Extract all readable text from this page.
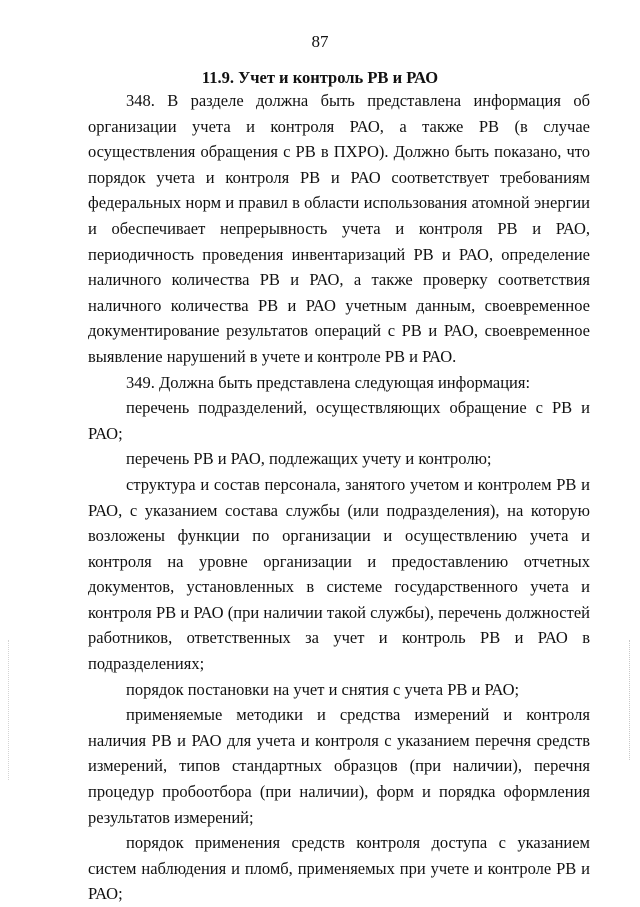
87
11.9. Учет и контроль РВ и РАО

348. В разделе должна быть представлена информация об организации учета и контроля РАО, а также РВ (в случае осуществления обращения с РВ в ПХРО). Должно быть показано, что порядок учета и контроля РВ и РАО соответствует требованиям федеральных норм и правил в области использования атомной энергии и обеспечивает непрерывность учета и контроля РВ и РАО, периодичность проведения инвентаризаций РВ и РАО, определение наличного количества РВ и РАО, а также проверку соответствия наличного количества РВ и РАО учетным данным, своевременное документирование результатов операций с РВ и РАО, своевременное выявление нарушений в учете и контроле РВ и РАО.

349. Должна быть представлена следующая информация:

перечень подразделений, осуществляющих обращение с РВ и РАО;

перечень РВ и РАО, подлежащих учету и контролю;

структура и состав персонала, занятого учетом и контролем РВ и РАО, с указанием состава службы (или подразделения), на которую возложены функции по организации и осуществлению учета и контроля на уровне организации и предоставлению отчетных документов, установленных в системе государственного учета и контроля РВ и РАО (при наличии такой службы), перечень должностей работников, ответственных за учет и контроль РВ и РАО в подразделениях;

порядок постановки на учет и снятия с учета РВ и РАО;

применяемые методики и средства измерений и контроля наличия РВ и РАО для учета и контроля с указанием перечня средств измерений, типов стандартных образцов (при наличии), перечня процедур пробоотбора (при наличии), форм и порядка оформления результатов измерений;

порядок применения средств контроля доступа с указанием систем наблюдения и пломб, применяемых при учете и контроле РВ и РАО;
